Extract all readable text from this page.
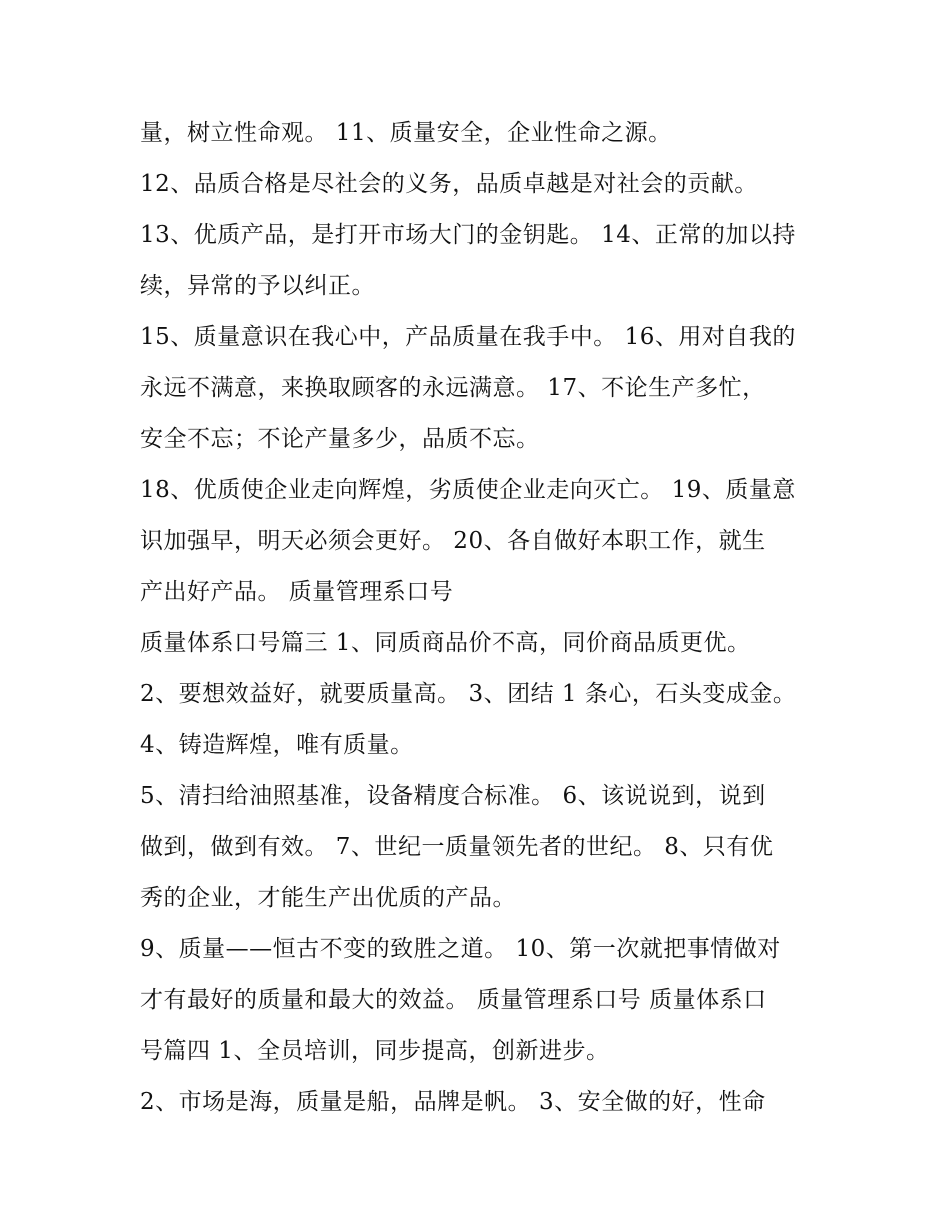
量，树立性命观。 11、质量安全，企业性命之源。
12、品质合格是尽社会的义务，品质卓越是对社会的贡献。
13、优质产品，是打开市场大门的金钥匙。 14、正常的加以持
续，异常的予以纠正。
15、质量意识在我心中，产品质量在我手中。 16、用对自我的
永远不满意，来换取顾客的永远满意。 17、不论生产多忙，
安全不忘；不论产量多少，品质不忘。
18、优质使企业走向辉煌，劣质使企业走向灭亡。 19、质量意
识加强早，明天必须会更好。 20、各自做好本职工作，就生
产出好产品。 质量管理系口号
质量体系口号篇三 1、同质商品价不高，同价商品质更优。
2、要想效益好，就要质量高。 3、团结 1 条心，石头变成金。
4、铸造辉煌，唯有质量。
5、清扫给油照基准，设备精度合标准。 6、该说说到，说到
做到，做到有效。 7、世纪一质量领先者的世纪。 8、只有优
秀的企业，才能生产出优质的产品。
9、质量——恒古不变的致胜之道。 10、第一次就把事情做对
才有最好的质量和最大的效益。 质量管理系口号 质量体系口
号篇四 1、全员培训，同步提高，创新进步。
2、市场是海，质量是船，品牌是帆。 3、安全做的好，性命
